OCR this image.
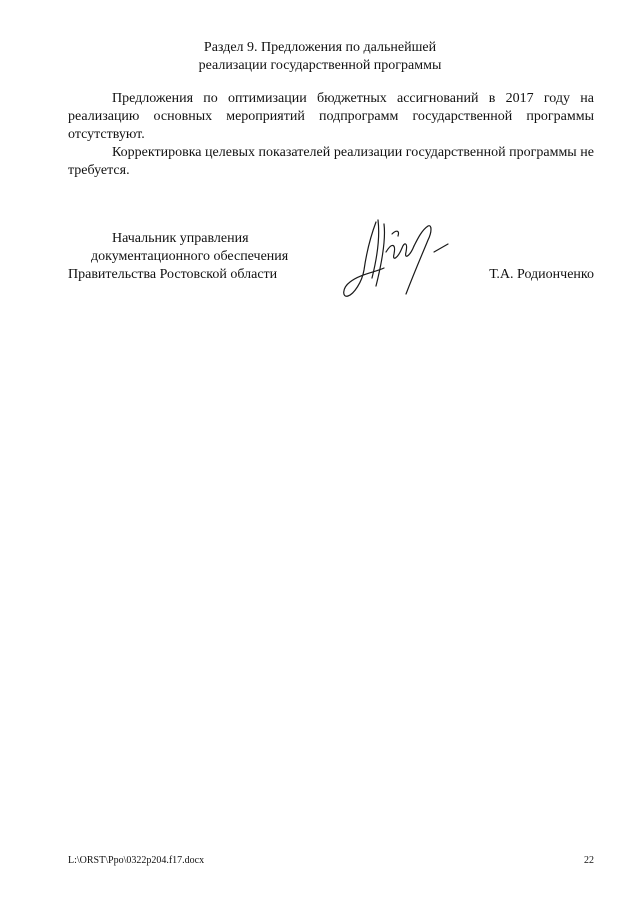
Раздел 9. Предложения по дальнейшей
реализации государственной программы

Предложения по оптимизации бюджетных ассигнований в 2017 году на реализацию основных мероприятий подпрограмм государственной программы отсутствуют.

Корректировка целевых показателей реализации государственной программы не требуется.

Начальник управления
документационного обеспечения
Правительства Ростовской области	Т.А. Родионченко
L:\ORST\Ppo\0322p204.f17.docx	22
